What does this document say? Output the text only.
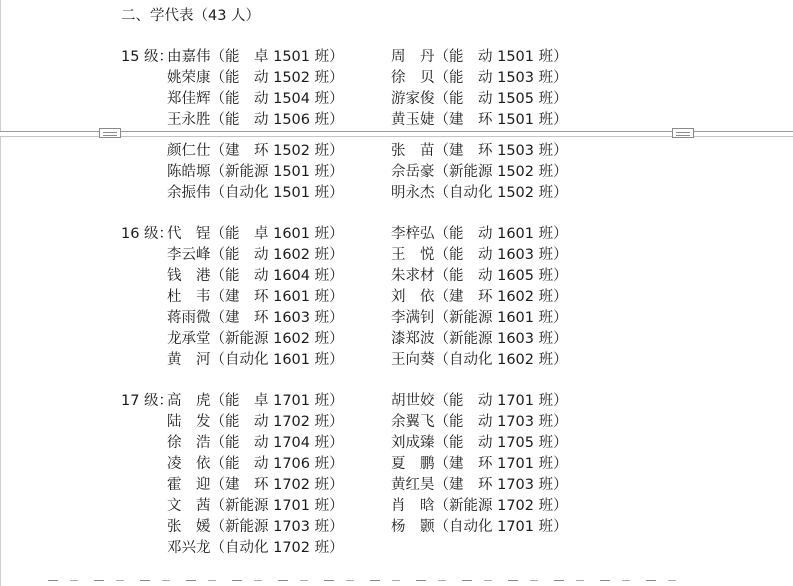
二、学代表（43 人）
15 级：
由嘉伟（能　卓 1501 班）	周　丹（能　动 1501 班）
姚荣康（能　动 1502 班）	徐　贝（能　动 1503 班）
郑佳辉（能　动 1504 班）	游家俊（能　动 1505 班）
王永胜（能　动 1506 班）	黄玉婕（建　环 1501 班）
颜仁仕（建　环 1502 班）	张　苗（建　环 1503 班）
陈皓塬（新能源 1501 班）	佘岳豪（新能源 1502 班）
余振伟（自动化 1501 班）	明永杰（自动化 1502 班）
16 级：
代　锃（能　卓 1601 班）	李梓弘（能　动 1601 班）
李云峰（能　动 1602 班）	王　悦（能　动 1603 班）
钱　港（能　动 1604 班）	朱求材（能　动 1605 班）
杜　韦（建　环 1601 班）	刘　依（建　环 1602 班）
蒋雨微（建　环 1603 班）	李满钊（新能源 1601 班）
龙承堂（新能源 1602 班）	漆郑波（新能源 1603 班）
黄　河（自动化 1601 班）	王向葵（自动化 1602 班）
17 级：
高　虎（能　卓 1701 班）	胡世姣（能　动 1701 班）
陆　发（能　动 1702 班）	余翼飞（能　动 1703 班）
徐　浩（能　动 1704 班）	刘成臻（能　动 1705 班）
凌　依（能　动 1706 班）	夏　鹏（建　环 1701 班）
霍　迎（建　环 1702 班）	黄红昊（建　环 1703 班）
文　茜（新能源 1701 班）	肖　晗（新能源 1702 班）
张　媛（新能源 1703 班）	杨　颢（自动化 1701 班）
邓兴龙（自动化 1702 班）
